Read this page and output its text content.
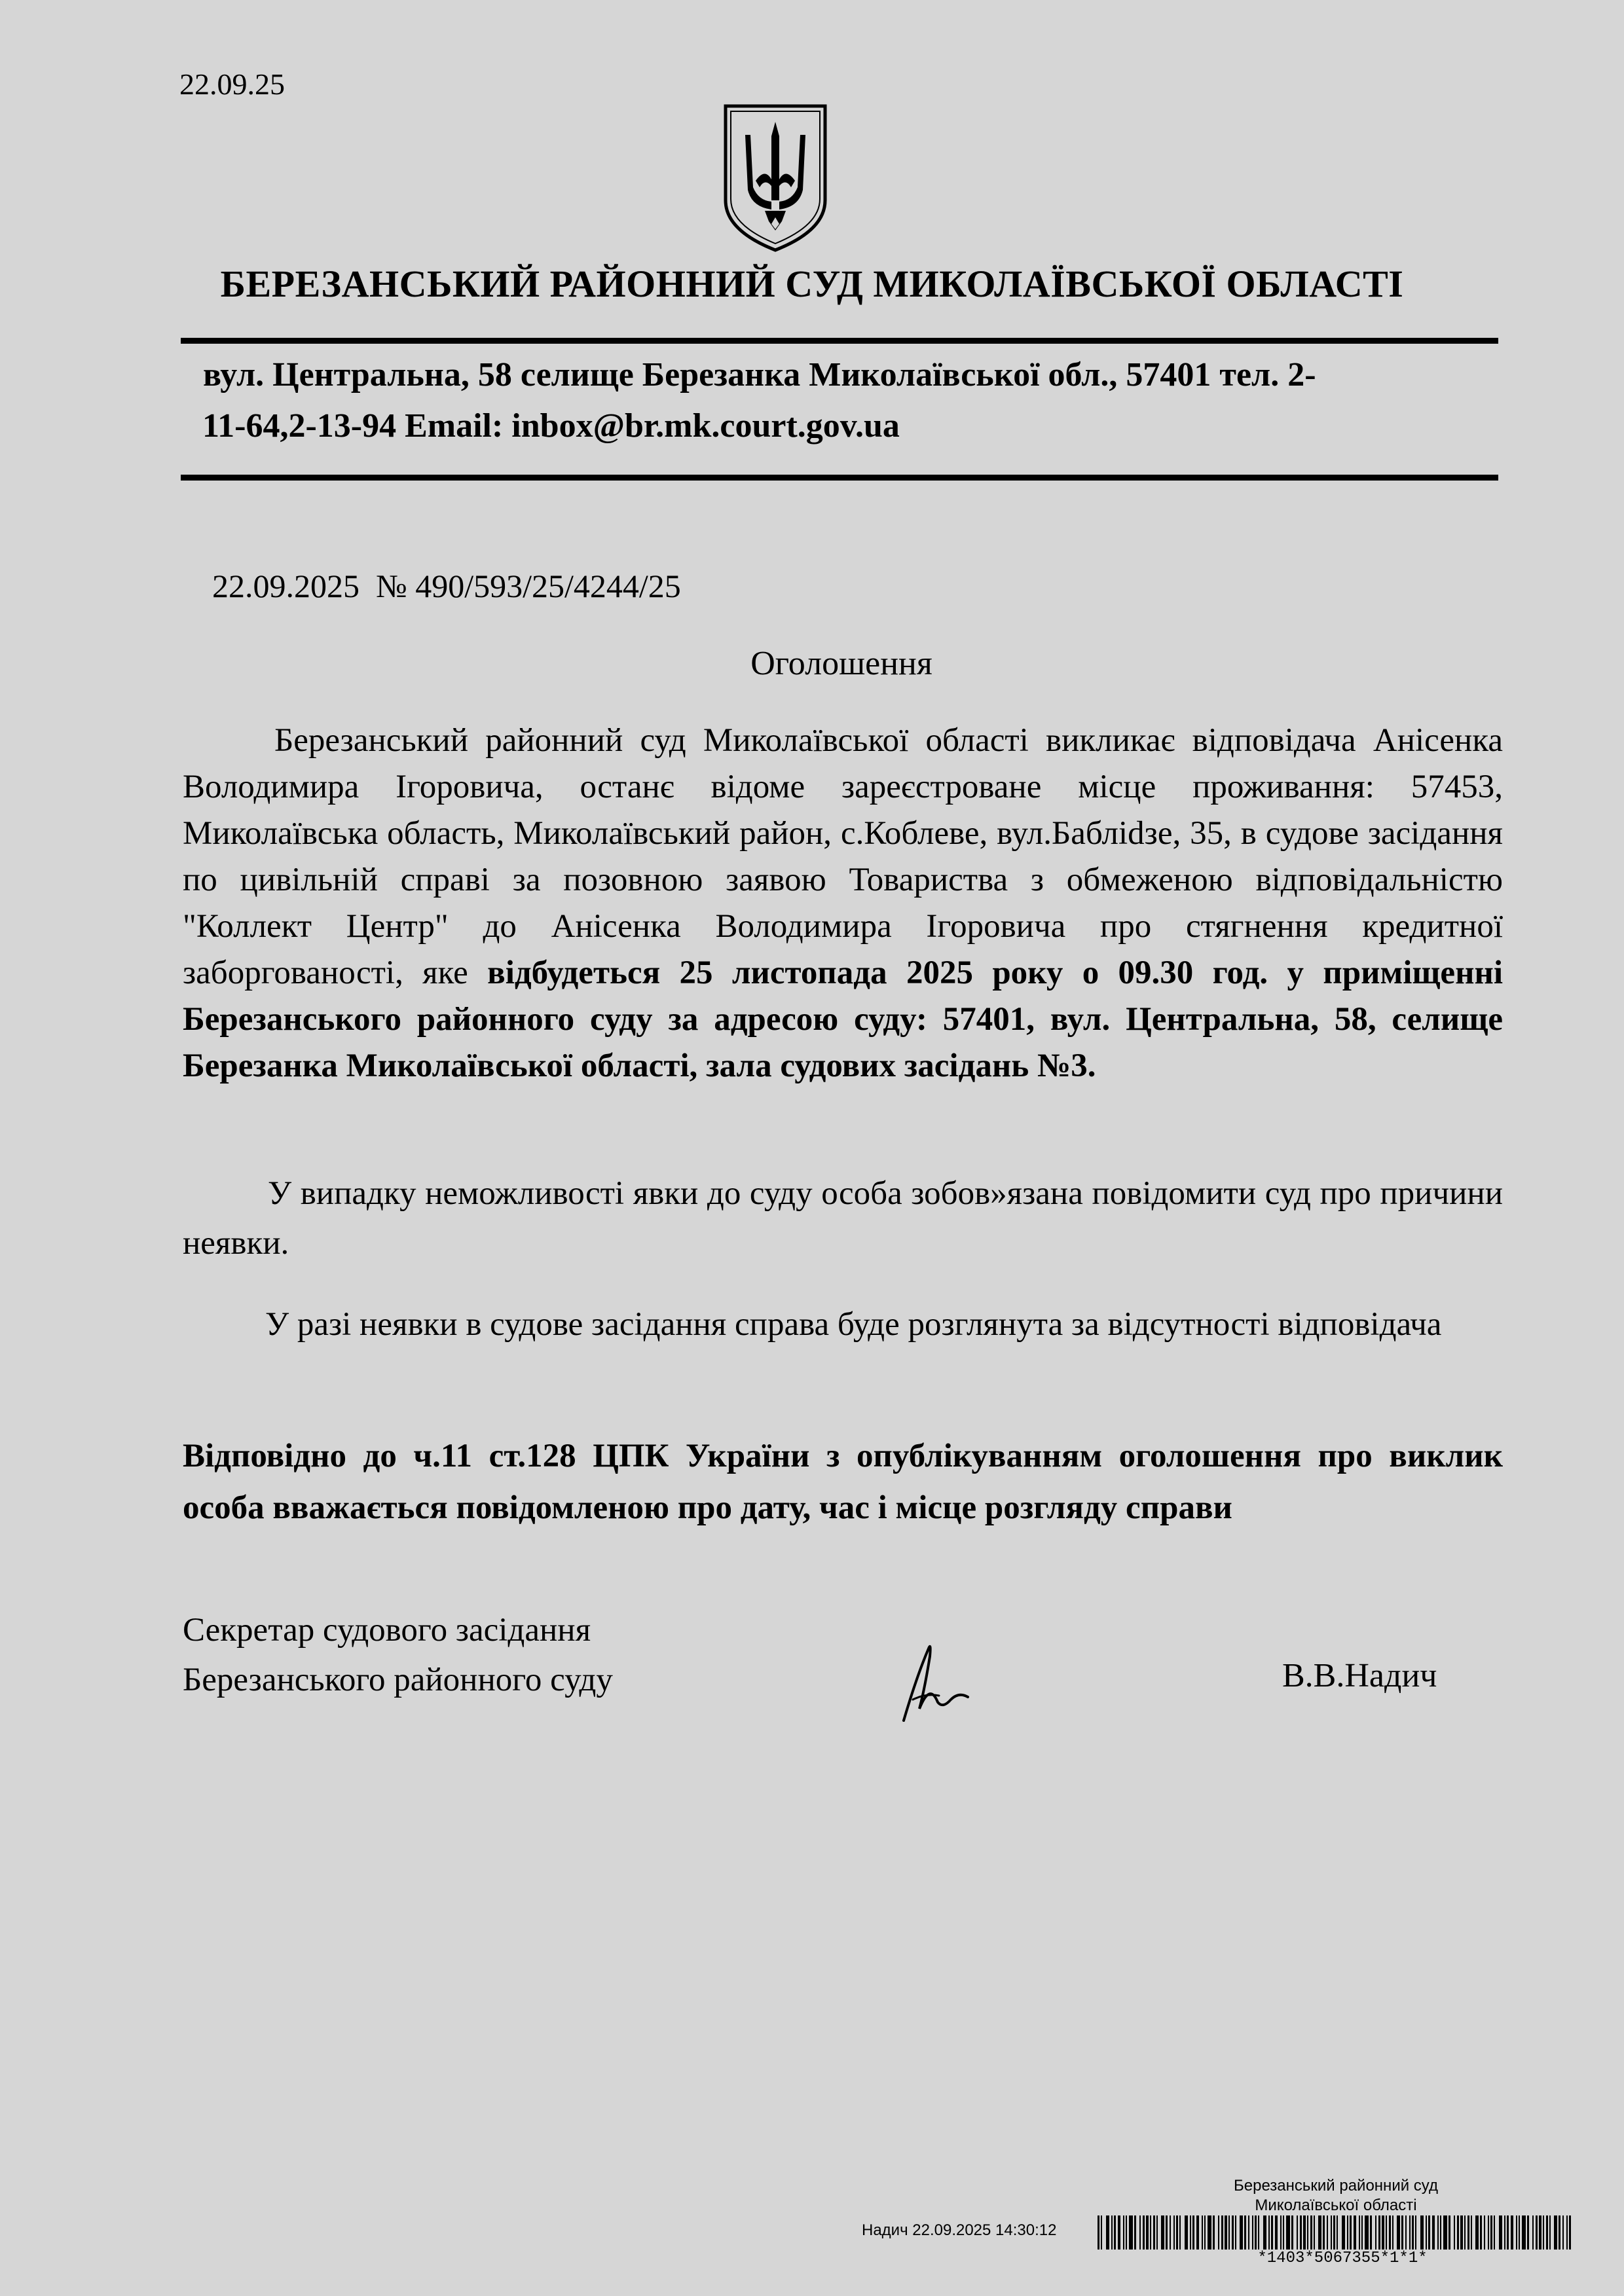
22.09.25
БЕРЕЗАНСЬКИЙ РАЙОННИЙ СУД МИКОЛАЇВСЬКОЇ ОБЛАСТІ
вул. Центральна, 58 селище Березанка Миколаївської обл., 57401 тел. 2-
11-64,2-13-94 Email: inbox@br.mk.court.gov.ua
22.09.2025 № 490/593/25/4244/25
Оголошення
Березанський районний суд Миколаївської області викликає відповідача Анісенка Володимира Ігоровича, останє відоме зареєстроване місце проживання: 57453, Миколаївська область, Миколаївський район, с.Коблеве, вул.Бабліdзе, 35, в судове засідання по цивільній справі за позовною заявою Товариства з обмеженою відповідальністю "Коллект Центр" до Анісенка Володимира Ігоровича про стягнення кредитної заборгованості, яке відбудеться 25 листопада 2025 року о 09.30 год. у приміщенні Березанського районного суду за адресою суду: 57401, вул. Центральна, 58, селище Березанка Миколаївської області, зала судових засідань №3.
У випадку неможливості явки до суду особа зобов»язана повідомити суд про причини неявки.
У разі неявки в судове засідання справа буде розглянута за відсутності відповідача
Відповідно до ч.11 ст.128 ЦПК України з опублікуванням оголошення про виклик особа вважається повідомленою про дату, час і місце розгляду справи
Секретар судового засідання
Березанського районного суду	В.В.Надич
Березанський районний суд
Миколаївської області
Надич 22.09.2025 14:30:12
*1403*5067355*1*1*
